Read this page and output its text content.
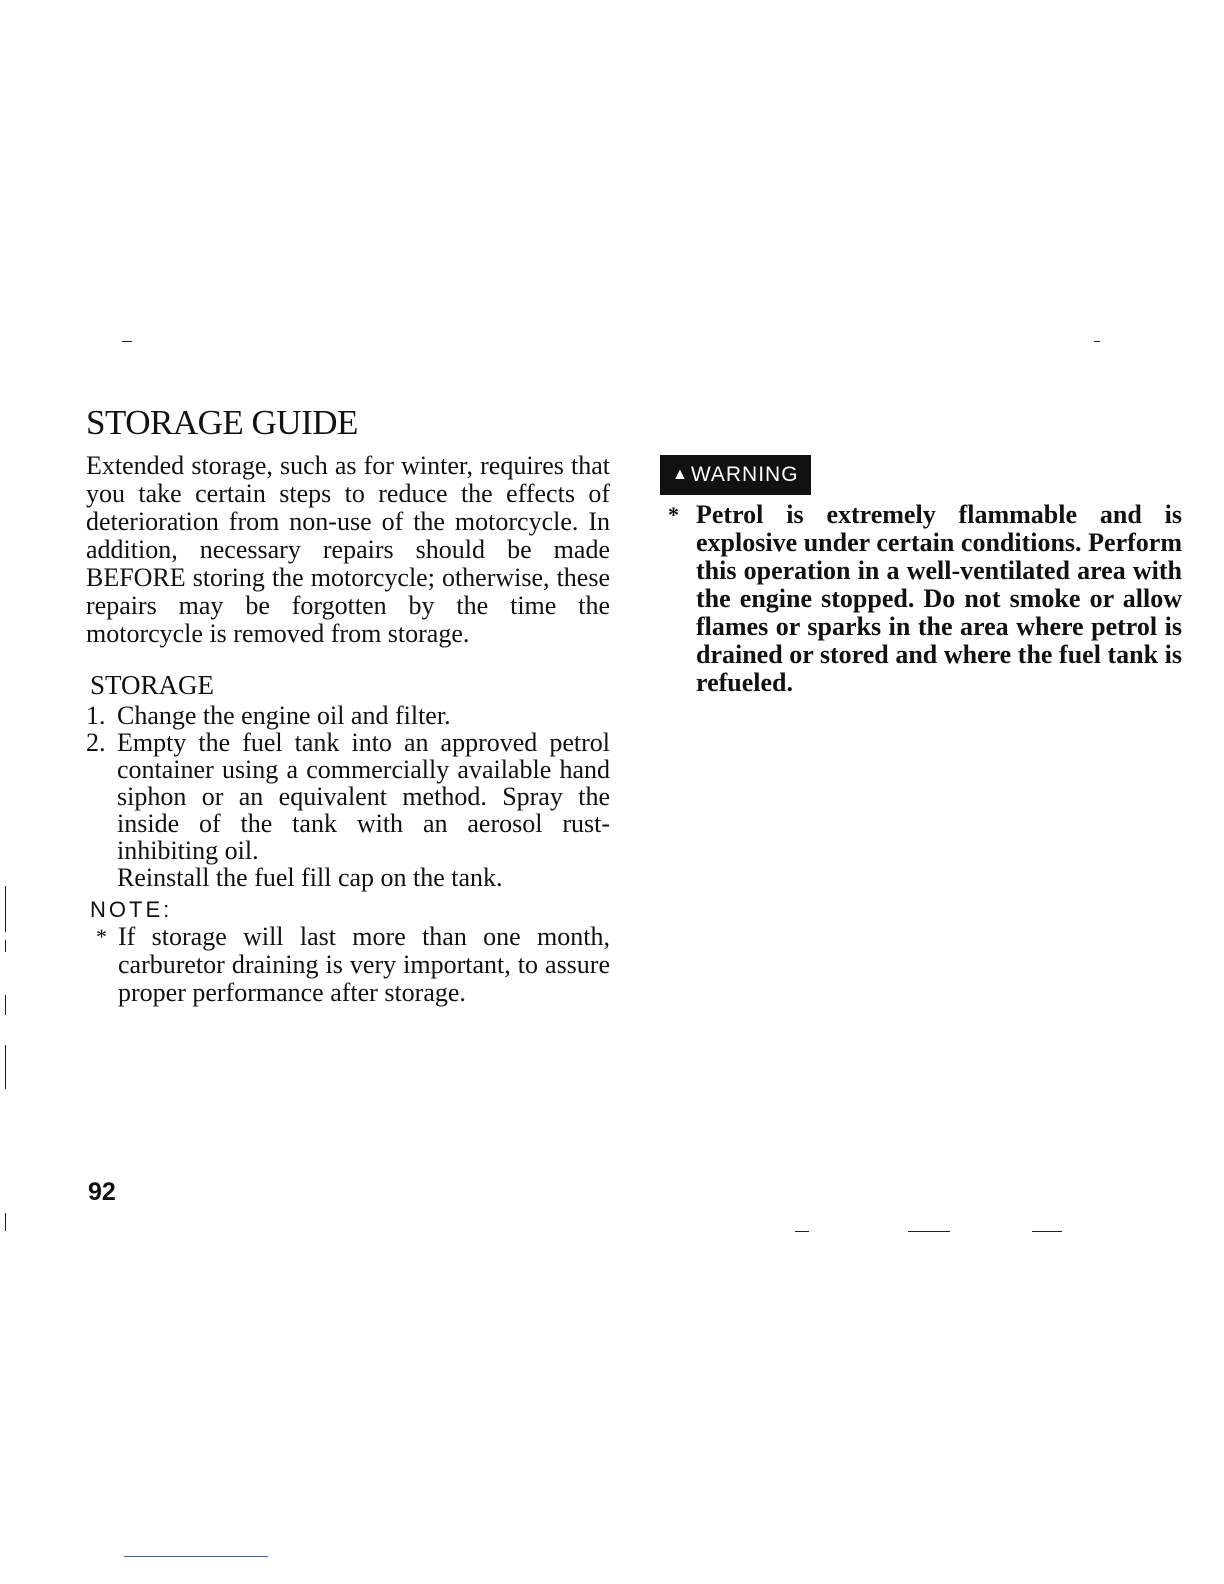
STORAGE GUIDE

Extended storage, such as for winter, requires that you take certain steps to reduce the effects of deterioration from non-use of the motorcycle. In addition, necessary repairs should be made BEFORE storing the motorcycle; otherwise, these repairs may be forgotten by the time the motorcycle is removed from storage.

STORAGE
1. Change the engine oil and filter.
2. Empty the fuel tank into an approved petrol container using a commercially available hand siphon or an equivalent method. Spray the inside of the tank with an aerosol rust-inhibiting oil.
Reinstall the fuel fill cap on the tank.
NOTE:
* If storage will last more than one month, carburetor draining is very important, to assure proper performance after storage.
▲ WARNING
* Petrol is extremely flammable and is explosive under certain conditions. Perform this operation in a well-ventilated area with the engine stopped. Do not smoke or allow flames or sparks in the area where petrol is drained or stored and where the fuel tank is refueled.
92
